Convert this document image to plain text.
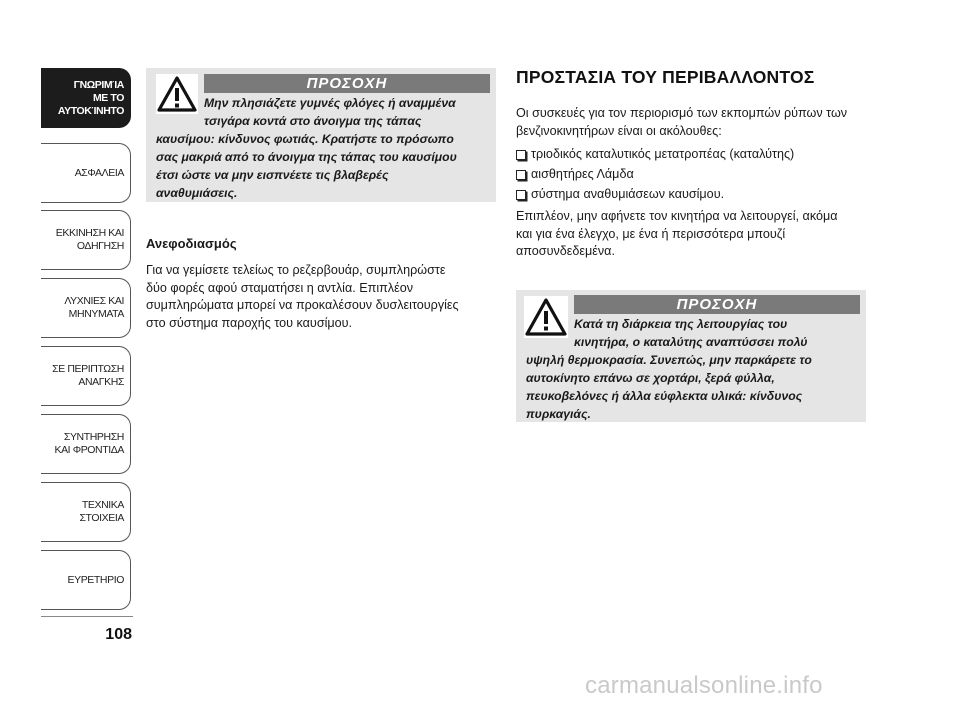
ΓΝΩΡΙΜΊΑ
ΜΕ ΤΟ
ΑΥΤΟΚΊΝΗΤΟ
ΑΣΦΑΛΕΙΑ
ΕΚΚΙΝΗΣΗ ΚΑΙ
ΟΔΗΓΗΣΗ
ΛΥΧΝΙΕΣ ΚΑΙ
ΜΗΝΥΜΑΤΑ
ΣΕ ΠΕΡΙΠΤΩΣΗ
ΑΝΑΓΚΗΣ
ΣΥΝΤΗΡΗΣΗ
ΚΑΙ ΦΡΟΝΤΙΔΑ
ΤΕΧΝΙΚΑ
ΣΤΟΙΧΕΙΑ
ΕΥΡΕΤΗΡΙΟ
108
ΠΡΟΣΟΧΗ
Μην πλησιάζετε γυμνές φλόγες ή αναμμένα
τσιγάρα κοντά στο άνοιγμα της τάπας
καυσίμου: κίνδυνος φωτιάς. Κρατήστε το πρόσωπο
σας μακριά από το άνοιγμα της τάπας του καυσίμου
έτσι ώστε να μην εισπνέετε τις βλαβερές
αναθυμιάσεις.
Ανεφοδιασμός
Για να γεμίσετε τελείως το ρεζερβουάρ, συμπληρώστε
δύο φορές αφού σταματήσει η αντλία. Επιπλέον
συμπληρώματα μπορεί να προκαλέσουν δυσλειτουργίες
στο σύστημα παροχής του καυσίμου.
ΠΡΟΣΤΑΣΙΑ ΤΟΥ ΠΕΡΙΒΑΛΛΟΝΤΟΣ
Οι συσκευές για τον περιορισμό των εκπομπών ρύπων των
βενζινοκινητήρων είναι οι ακόλουθες:
τριοδικός καταλυτικός μετατροπέας (καταλύτης)
αισθητήρες Λάμδα
σύστημα αναθυμιάσεων καυσίμου.
Επιπλέον, μην αφήνετε τον κινητήρα να λειτουργεί, ακόμα
και για ένα έλεγχο, με ένα ή περισσότερα μπουζί
αποσυνδεδεμένα.
ΠΡΟΣΟΧΗ
Κατά τη διάρκεια της λειτουργίας του
κινητήρα, ο καταλύτης αναπτύσσει πολύ
υψηλή θερμοκρασία. Συνεπώς, μην παρκάρετε το
αυτοκίνητο επάνω σε χορτάρι, ξερά φύλλα,
πευκοβελόνες ή άλλα εύφλεκτα υλικά: κίνδυνος
πυρκαγιάς.
carmanualsonline.info
